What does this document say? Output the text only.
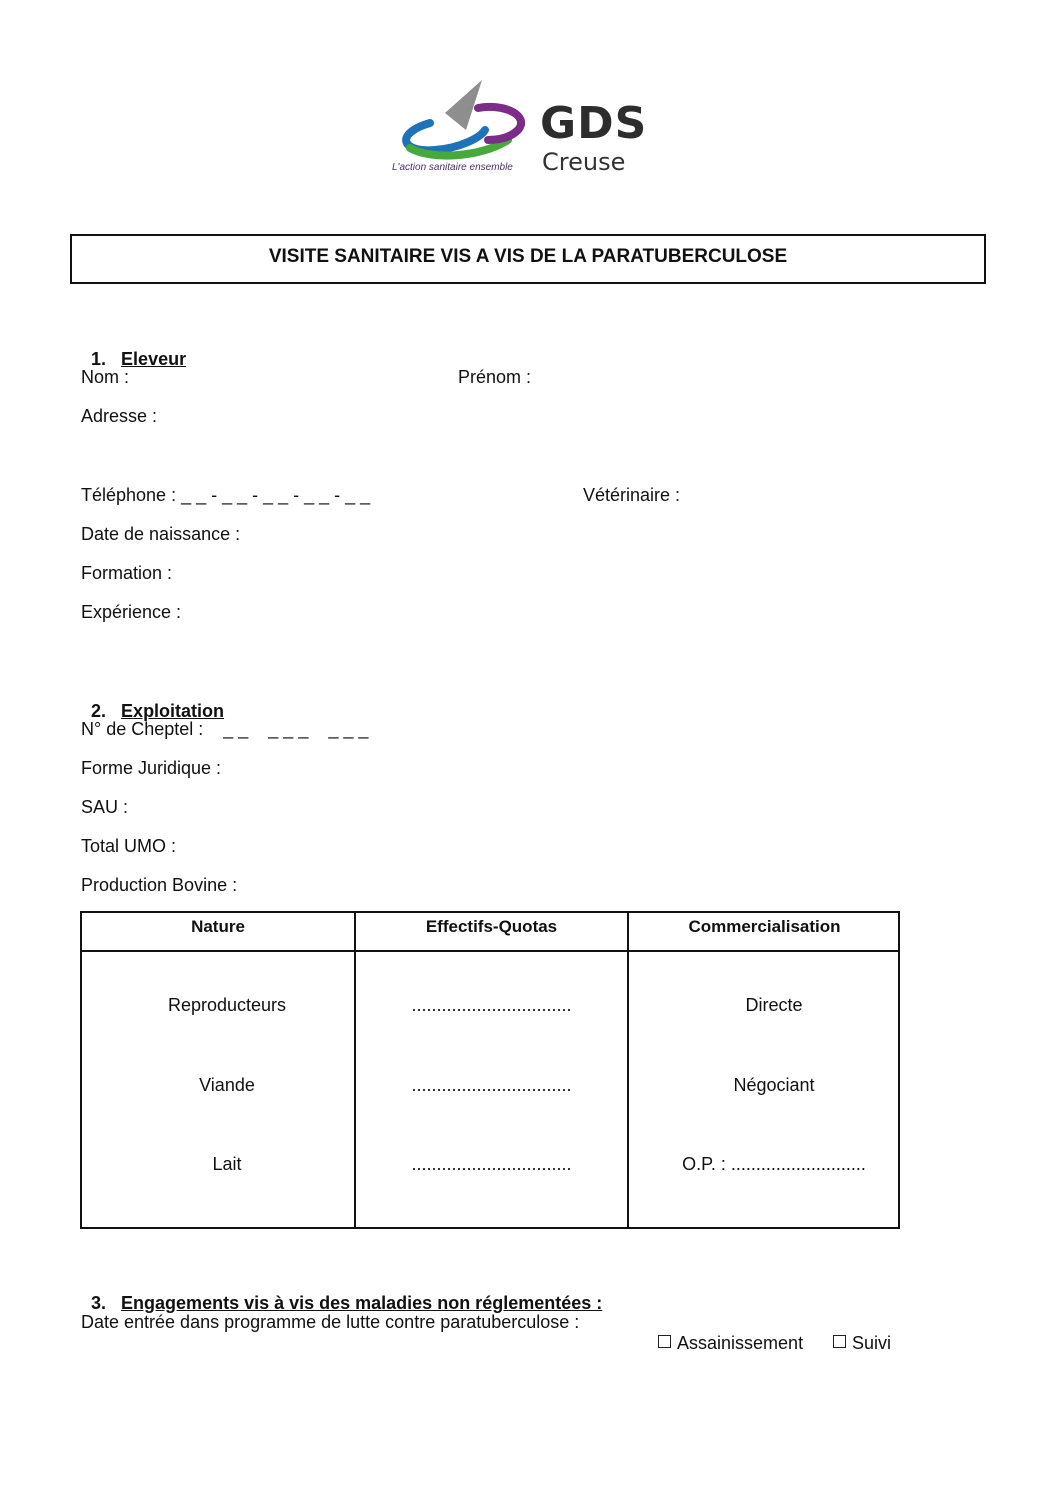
GDS
Creuse
L'action sanitaire ensemble
VISITE SANITAIRE VIS A VIS DE LA PARATUBERCULOSE

1. Eleveur

Nom :	Prénom :
Adresse :
Téléphone : _ _ - _ _ - _ _ - _ _ - _ _	Vétérinaire :
Date de naissance :
Formation :
Expérience :

2. Exploitation

N° de Cheptel :    _ _    _ _ _    _ _ _
Forme Juridique :
SAU :
Total UMO :
Production Bovine :
Nature	Effectifs-Quotas	Commercialisation
Reproducteurs	................................	Directe
Viande	................................	Négociant
Lait	................................	O.P. : ...........................

3. Engagements vis à vis des maladies non réglementées :

Date entrée dans programme de lutte contre paratuberculose :

Assainissement	Suivi
